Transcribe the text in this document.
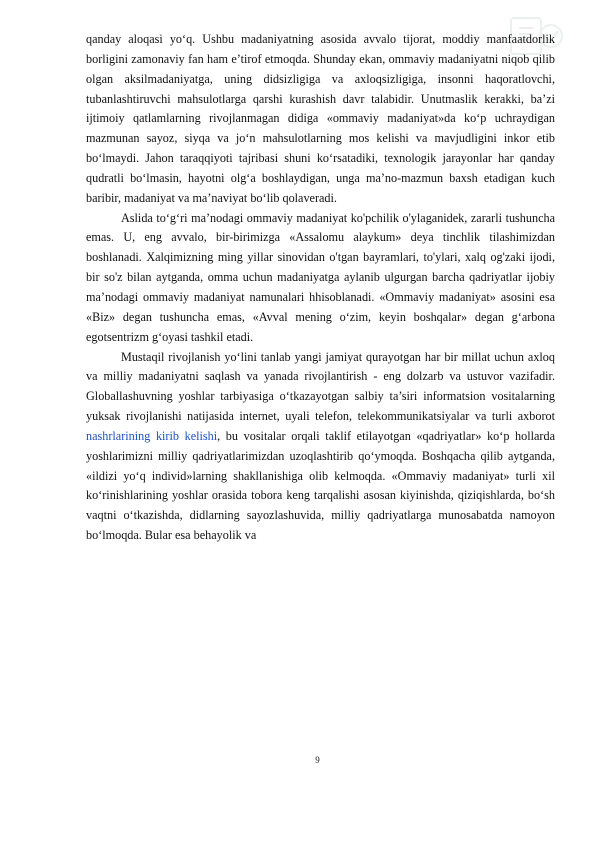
qanday aloqasi yo‘q. Ushbu madaniyatning asosida avvalo tijorat, moddiy manfaatdorlik borligini zamonaviy fan ham e’tirof etmoqda. Shunday ekan, ommaviy madaniyatni niqob qilib olgan aksilmadaniyatga, uning didsizligiga va axloqsizligiga, insonni haqoratlovchi, tubanlashtiruvchi mahsulotlarga qarshi kurashish davr talabidir. Unutmaslik kerakki, ba’zi ijtimoiy qatlamlarning rivojlanmagan didiga «ommaviy madaniyat»da ko‘p uchraydigan mazmunan sayoz, siyqa va jo‘n mahsulotlarning mos kelishi va mavjudligini inkor etib bo‘lmaydi. Jahon taraqqiyoti tajribasi shuni ko‘rsatadiki, texnologik jarayonlar har qanday qudratli bo‘lmasin, hayotni olg‘a boshlaydigan, unga ma’no-mazmun baxsh etadigan kuch baribir, madaniyat va ma’naviyat bo‘lib qolaveradi.

Aslida to‘g‘ri ma’nodagi ommaviy madaniyat ko'pchilik o'ylaganidek, zararli tushuncha emas. U, eng avvalo, bir-birimizga «Assalomu alaykum» deya tinchlik tilashimizdan boshlanadi. Xalqimizning ming yillar sinovidan o'tgan bayramlari, to'ylari, xalq og'zaki ijodi, bir so'z bilan aytganda, omma uchun madaniyatga aylanib ulgurgan barcha qadriyatlar ijobiy ma’nodagi ommaviy madaniyat namunalari hhisoblanadi. «Ommaviy madaniyat» asosini esa «Biz» degan tushuncha emas, «Avval mening o‘zim, keyin boshqalar» degan g‘arbona egotsentrizm g‘oyasi tashkil etadi.

Mustaqil rivojlanish yo‘lini tanlab yangi jamiyat qurayotgan har bir millat uchun axloq va milliy madaniyatni saqlash va yanada rivojlantirish - eng dolzarb va ustuvor vazifadir. Globallashuvning yoshlar tarbiyasiga o‘tkazayotgan salbiy ta’siri informatsion vositalarning yuksak rivojlanishi natijasida internet, uyali telefon, telekommunikatsiyalar va turli axborot nashrlarining kirib kelishi, bu vositalar orqali taklif etilayotgan «qadriyatlar» ko‘p hollarda yoshlarimizni milliy qadriyatlarimizdan uzoqlashtirib qo‘ymoqda. Boshqacha qilib aytganda, «ildizi yo‘q individ»larning shakllanishiga olib kelmoqda. «Ommaviy madaniyat» turli xil ko‘rinishlarining yoshlar orasida tobora keng tarqalishi asosan kiyinishda, qiziqishlarda, bo‘sh vaqtni o‘tkazishda, didlarning sayozlashuvida, milliy qadriyatlarga munosabatda namoyon bo‘lmoqda. Bular esa behayolik va

9
